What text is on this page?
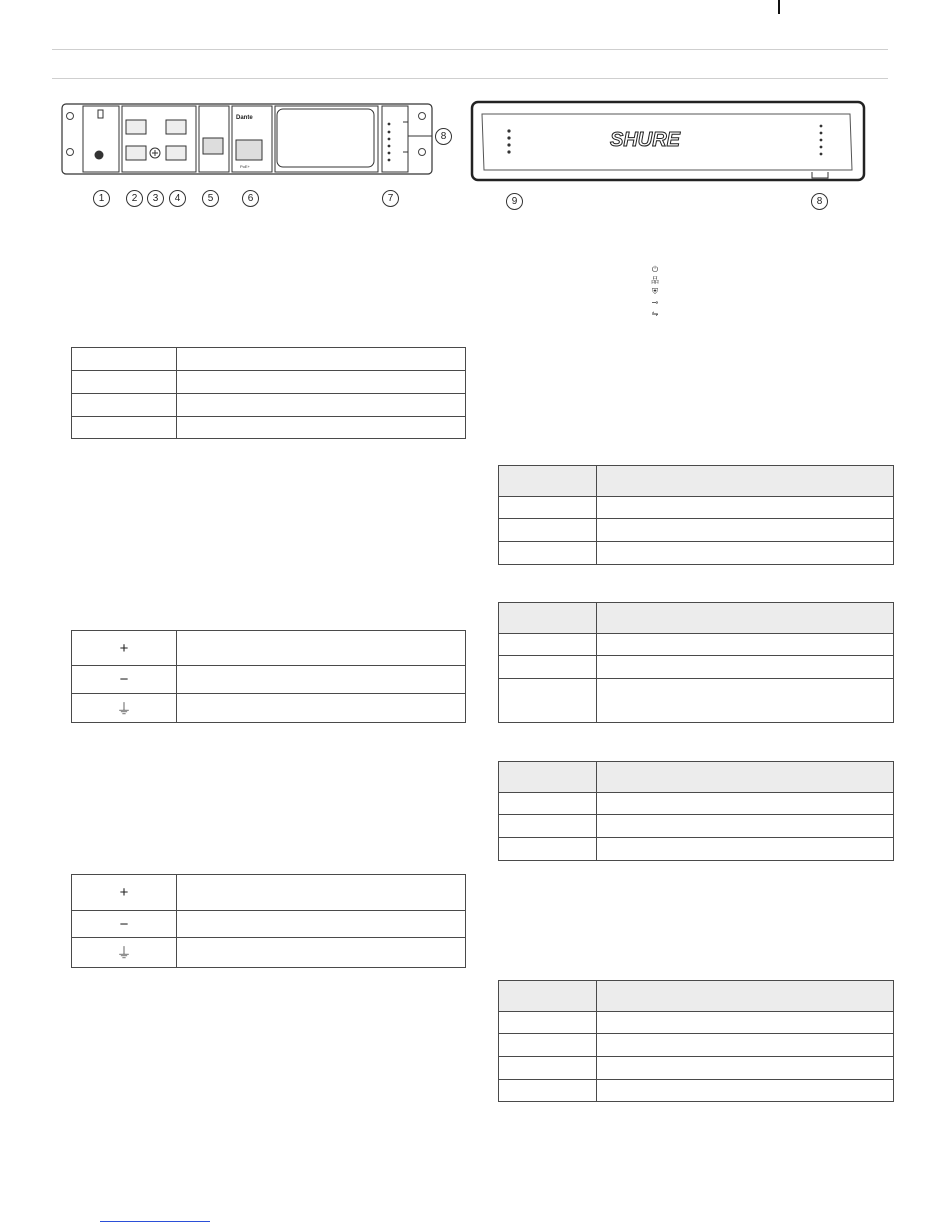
Dante
PoE+
1	2	3	4	5	6	7
8	SHURE
9	8
⏻
品
⛨
⊸
⇋

+	
−	
⏚	
+	
−	
⏚	
